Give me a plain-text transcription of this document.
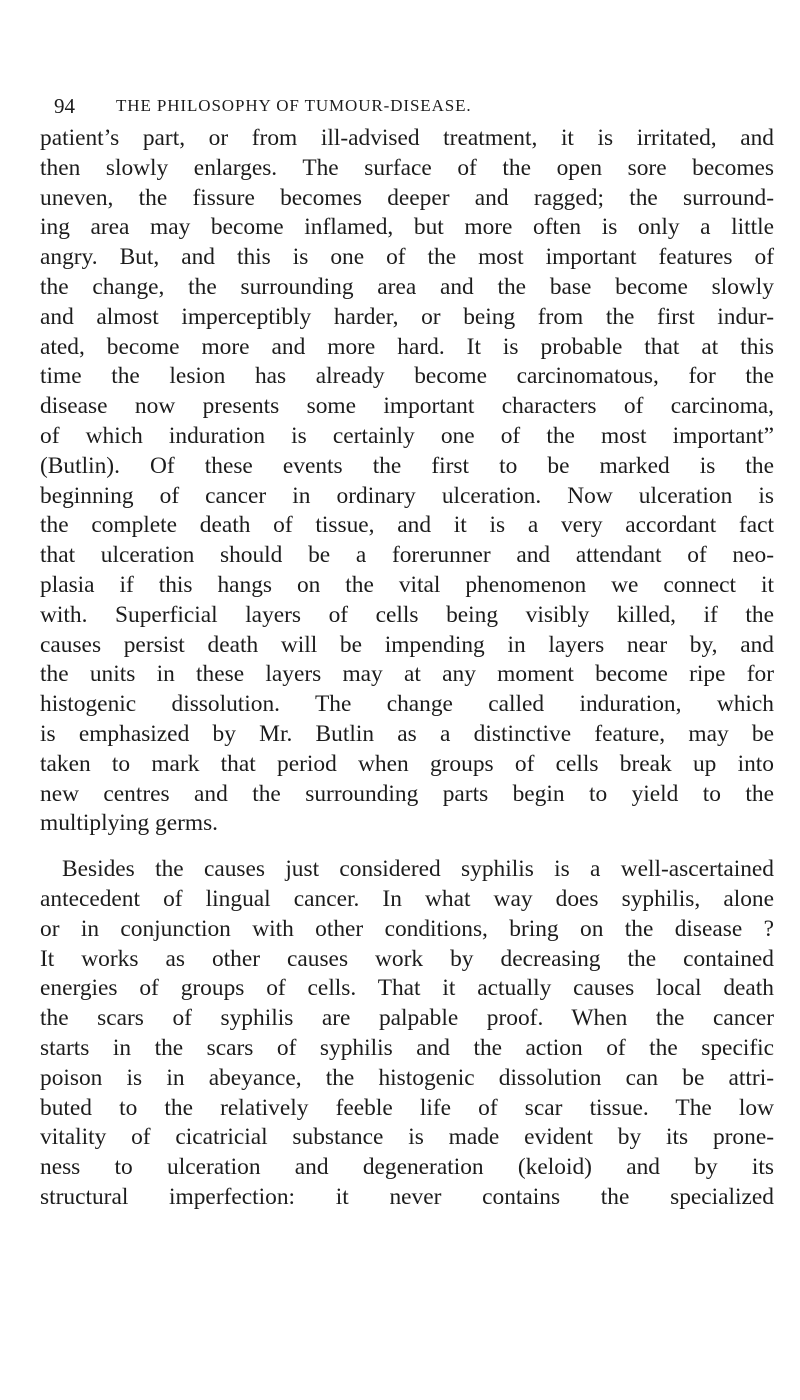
94 THE PHILOSOPHY OF TUMOUR-DISEASE.

patient’s part, or from ill-advised treatment, it is irritated, and
then slowly enlarges. The surface of the open sore becomes
uneven, the fissure becomes deeper and ragged; the surround-
ing area may become inflamed, but more often is only a little
angry. But, and this is one of the most important features of
the change, the surrounding area and the base become slowly
and almost imperceptibly harder, or being from the first indur-
ated, become more and more hard. It is probable that at this
time the lesion has already become carcinomatous, for the
disease now presents some important characters of carcinoma,
of which induration is certainly one of the most important”
(Butlin). Of these events the first to be marked is the
beginning of cancer in ordinary ulceration. Now ulceration is
the complete death of tissue, and it is a very accordant fact
that ulceration should be a forerunner and attendant of neo-
plasia if this hangs on the vital phenomenon we connect it
with. Superficial layers of cells being visibly killed, if the
causes persist death will be impending in layers near by, and
the units in these layers may at any moment become ripe for
histogenic dissolution. The change called induration, which
is emphasized by Mr. Butlin as a distinctive feature, may be
taken to mark that period when groups of cells break up into
new centres and the surrounding parts begin to yield to the
multiplying germs.

Besides the causes just considered syphilis is a well-ascertained
antecedent of lingual cancer. In what way does syphilis, alone
or in conjunction with other conditions, bring on the disease ?
It works as other causes work by decreasing the contained
energies of groups of cells. That it actually causes local death
the scars of syphilis are palpable proof. When the cancer
starts in the scars of syphilis and the action of the specific
poison is in abeyance, the histogenic dissolution can be attri-
buted to the relatively feeble life of scar tissue. The low
vitality of cicatricial substance is made evident by its prone-
ness to ulceration and degeneration (keloid) and by its
structural imperfection: it never contains the specialized
